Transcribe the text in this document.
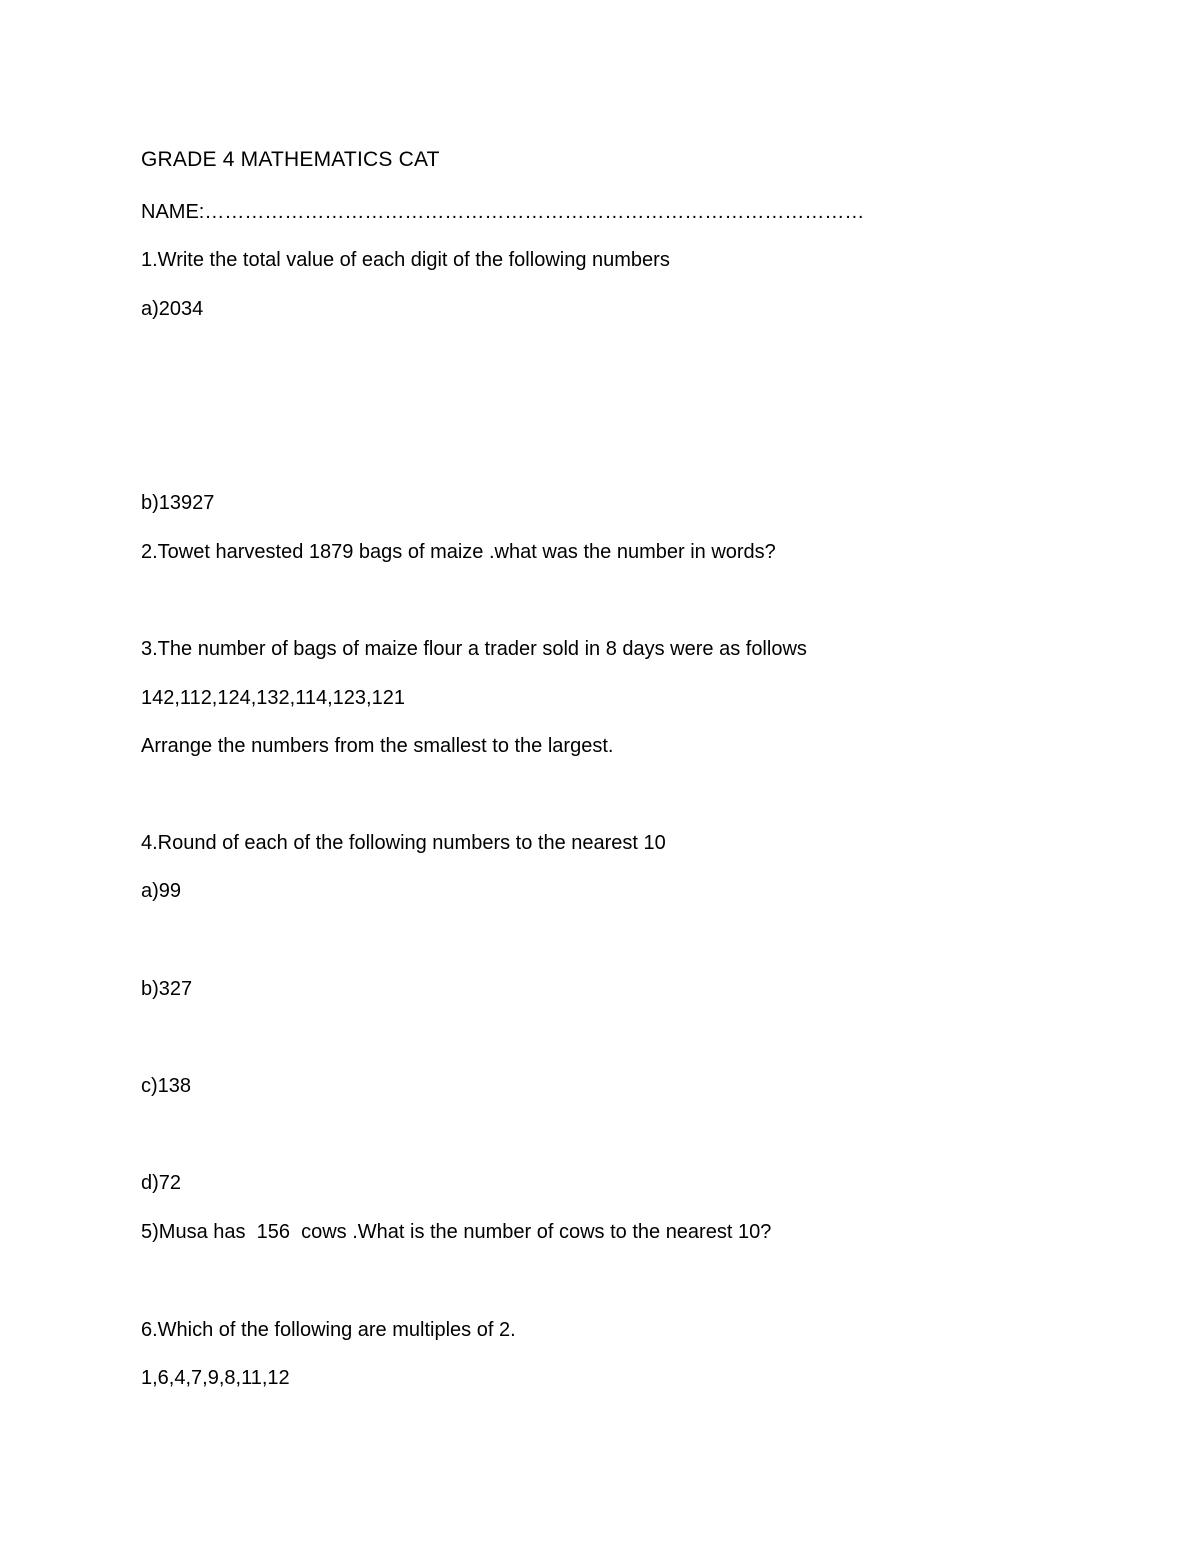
GRADE 4 MATHEMATICS CAT
NAME:………………………………………………………………………………………
1.Write the total value of each digit of the following numbers
a)2034
b)13927
2.Towet harvested 1879 bags of maize .what was the number in words?
3.The number of bags of maize flour a trader sold in 8 days were as follows
142,112,124,132,114,123,121
Arrange the numbers from the smallest to the largest.
4.Round of each of the following numbers to the nearest 10
a)99
b)327
c)138
d)72
5)Musa has  156  cows .What is the number of cows to the nearest 10?
6.Which of the following are multiples of 2.
1,6,4,7,9,8,11,12
